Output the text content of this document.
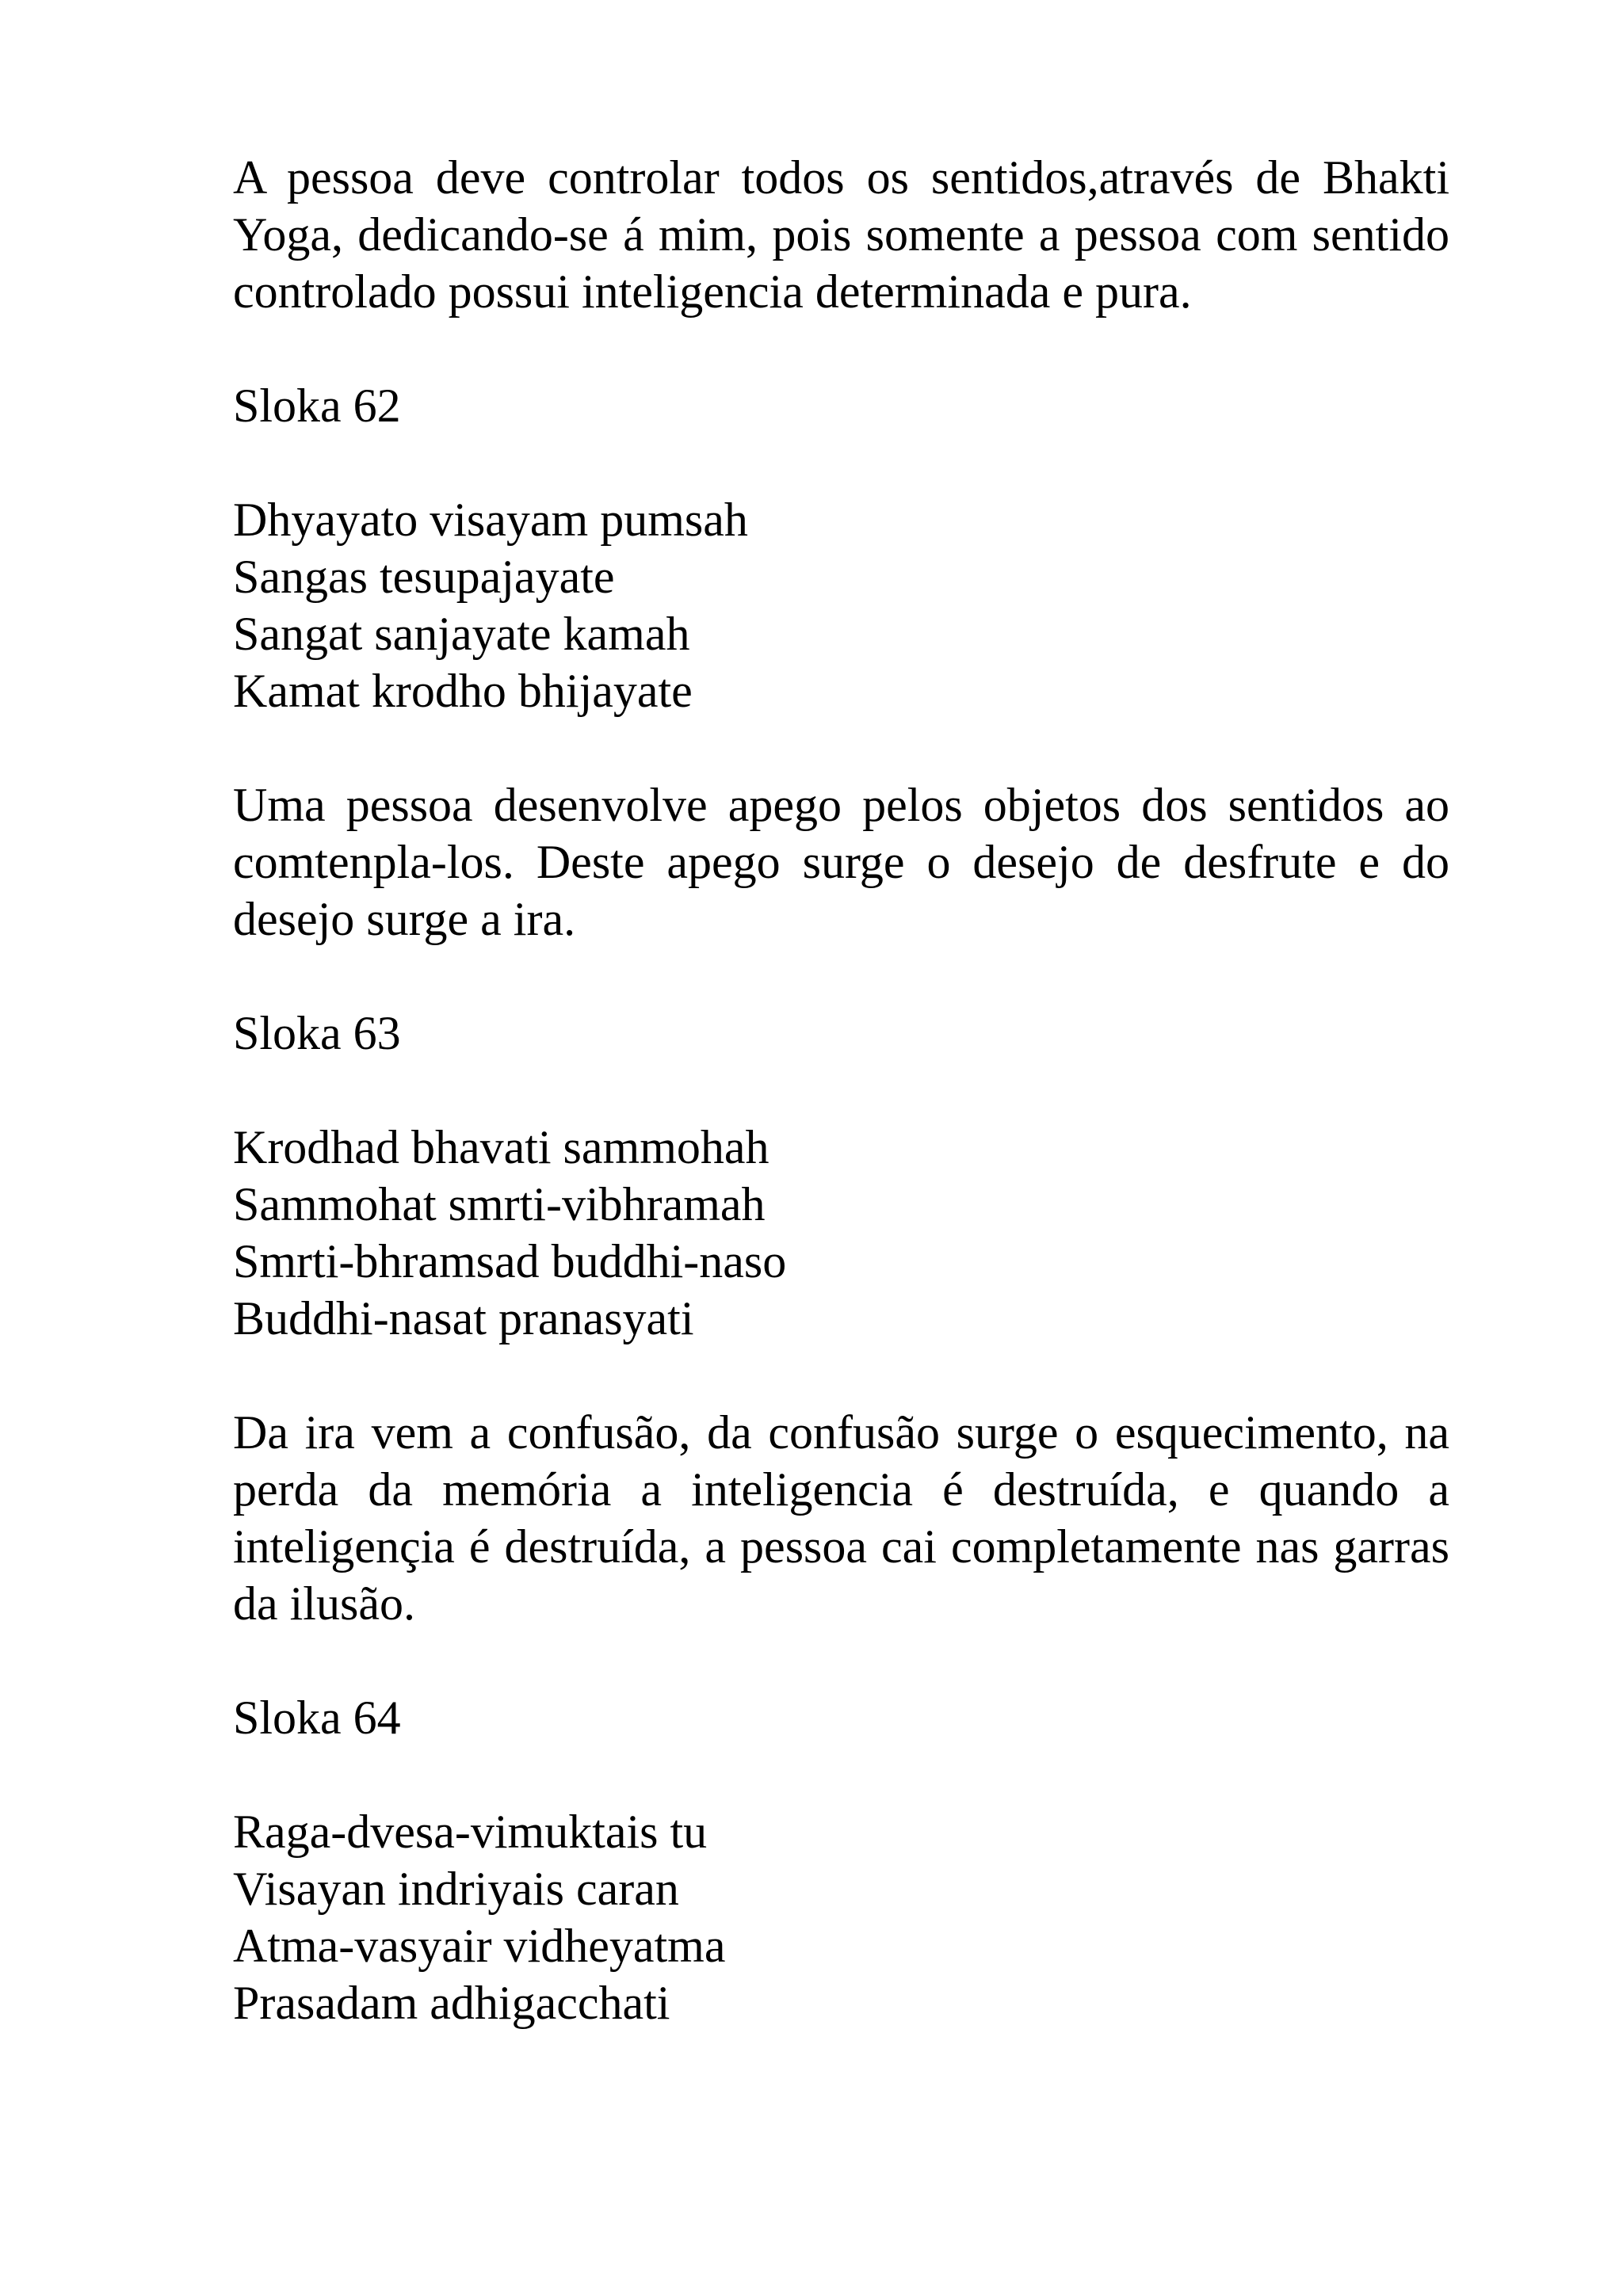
A pessoa deve controlar todos os sentidos,através de Bhakti Yoga, dedicando-se á mim, pois somente a pessoa com sentido controlado possui inteligencia determinada e pura.

Sloka 62

Dhyayato visayam pumsah
Sangas tesupajayate
Sangat sanjayate kamah
Kamat krodho bhijayate

Uma pessoa desenvolve apego pelos objetos dos sentidos ao comtenpla-los. Deste apego surge o desejo de desfrute e do desejo surge a ira.

Sloka 63

Krodhad bhavati sammohah
Sammohat smrti-vibhramah
Smrti-bhramsad buddhi-naso
Buddhi-nasat pranasyati

Da ira vem a confusão, da confusão surge o esquecimento, na perda da memória a inteligencia é destruída, e quando a inteligençia é destruída, a pessoa cai completamente nas garras da ilusão.

Sloka 64

Raga-dvesa-vimuktais tu
Visayan indriyais caran
Atma-vasyair vidheyatma
Prasadam adhigacchati
